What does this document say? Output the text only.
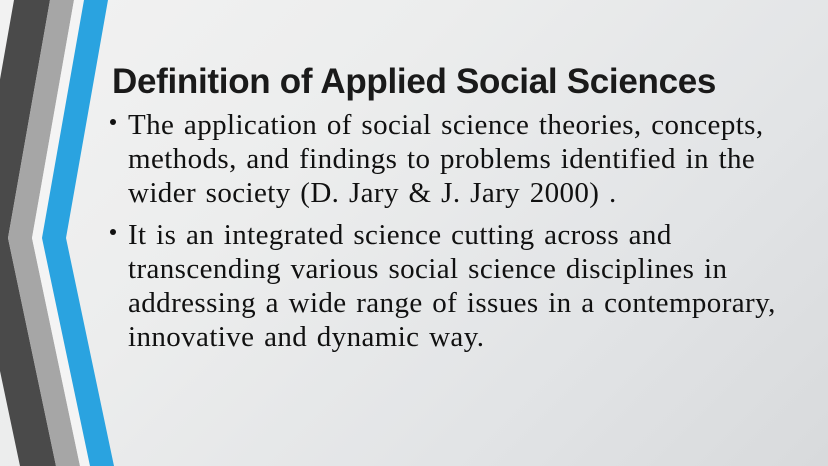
Definition of Applied Social Sciences
The application of social science theories, concepts, methods, and findings to problems identified in the wider society (D. Jary & J. Jary 2000) .
It is an integrated science cutting across and transcending various social science disciplines in addressing a wide range of issues in a contemporary, innovative and dynamic way.
